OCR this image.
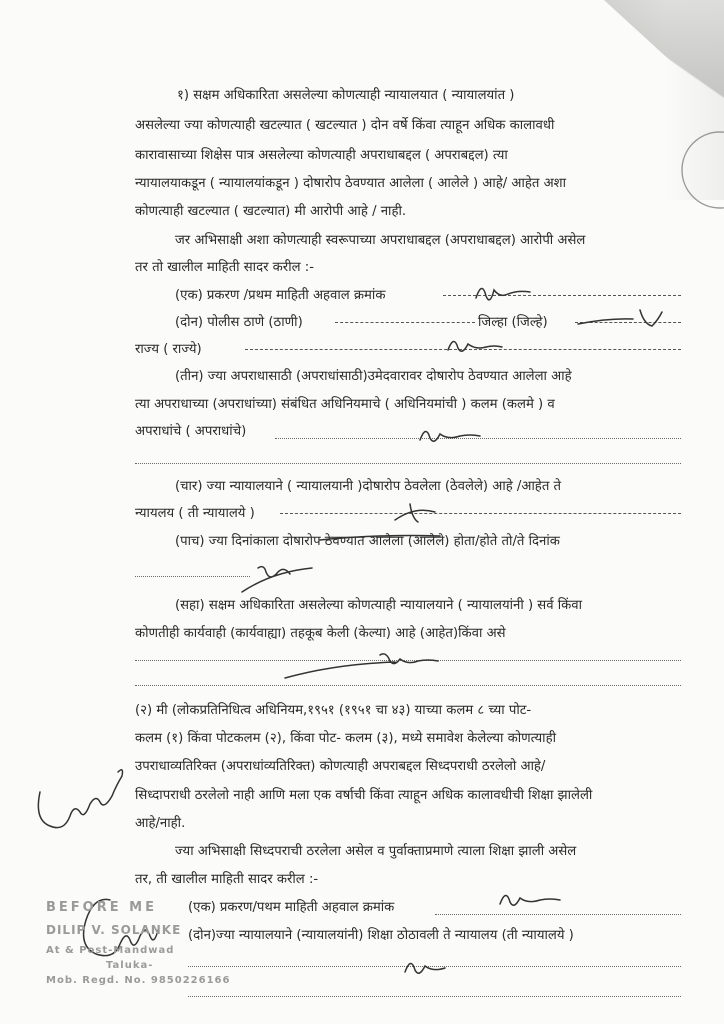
१) सक्षम अधिकारिता असलेल्या कोणत्याही न्यायालयात ( न्यायालयांत )
असलेल्या ज्या कोणत्याही खटल्यात ( खटल्यात ) दोन वर्षे किंवा त्याहून अधिक कालावधी
कारावासाच्या शिक्षेस पात्र असलेल्या कोणत्याही अपराधाबद्दल ( अपराबद्दल) त्या
न्यायालयाकडून ( न्यायालयांकडून ) दोषारोप ठेवण्यात आलेला ( आलेले ) आहे/ आहेत अशा
कोणत्याही खटल्यात ( खटल्यात) मी आरोपी आहे / नाही.
जर अभिसाक्षी अशा कोणत्याही स्वरूपाच्या अपराधाबद्दल (अपराधाबद्दल) आरोपी असेल
तर तो खालील माहिती सादर करील :-
(एक) प्रकरण /प्रथम माहिती अहवाल क्रमांक
(दोन) पोलीस ठाणे (ठाणी)	जिल्हा (जिल्हे)
राज्य ( राज्ये)
(तीन) ज्या अपराधासाठी (अपराधांसाठी)उमेदवारावर दोषारोप ठेवण्यात आलेला आहे
त्या अपराधाच्या (अपराधांच्या) संबंधित अधिनियमाचे ( अधिनियमांची ) कलम (कलमे ) व
अपराधांचे ( अपराधांचे)
(चार) ज्या न्यायालयाने ( न्यायालयानी )दोषारोप ठेवलेला (ठेवलेले) आहे /आहेत ते
न्यायलय ( ती न्यायालये )
(पाच) ज्या दिनांकाला दोषारोप ठेवण्यात आलेला (आलेले) होता/होते तो/ते दिनांक
(सहा) सक्षम अधिकारिता असलेल्या कोणत्याही न्यायालयाने ( न्यायालयांनी ) सर्व किंवा
कोणतीही कार्यवाही (कार्यवाह्या) तहकूब केली (केल्या) आहे (आहेत)किंवा असे
(२) मी (लोकप्रतिनिधित्व अधिनियम,१९५१ (१९५१ चा ४३) याच्या कलम ८ च्या पोट-
कलम (१) किंवा पोटकलम (२), किंवा पोट- कलम (३), मध्ये समावेश केलेल्या कोणत्याही
उपराधाव्यतिरिक्त (अपराधांव्यतिरिक्त) कोणत्याही अपराबद्दल सिध्दपराधी ठरलेलो आहे/
सिध्दापराधी ठरलेलो नाही आणि मला एक वर्षाची किंवा त्याहून अधिक कालावधीची शिक्षा झालेली
आहे/नाही.
ज्या अभिसाक्षी सिध्दपराची ठरलेला असेल व पुर्वाक्ताप्रमाणे त्याला शिक्षा झाली असेल
तर, ती खालील माहिती सादर करील :-
(एक) प्रकरण/पथम माहिती अहवाल क्रमांक
(दोन)ज्या न्यायालयाने (न्यायालयांनी) शिक्षा ठोठावली ते न्यायालय (ती न्यायालये )
BEFORE ME
DILIP V. SOLANKE
At & Post-Mandwad
Taluka-
Mob. Regd. No. 9850226166
